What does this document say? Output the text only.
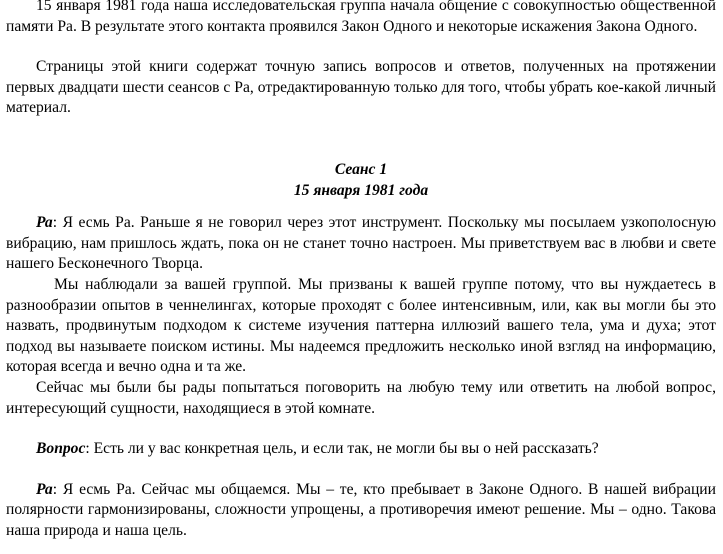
15 января 1981 года наша исследовательская группа начала общение с совокупностью общественной памяти Ра. В результате этого контакта проявился Закон Одного и некоторые искажения Закона Одного.

Страницы этой книги содержат точную запись вопросов и ответов, полученных на протяжении первых двадцати шести сеансов с Ра, отредактированную только для того, чтобы убрать кое-какой личный материал.

Сеанс 1
15 января 1981 года

Ра: Я есмь Ра. Раньше я не говорил через этот инструмент. Поскольку мы посылаем узкополосную вибрацию, нам пришлось ждать, пока он не станет точно настроен. Мы приветствуем вас в любви и свете нашего Бесконечного Творца.

Мы наблюдали за вашей группой. Мы призваны к вашей группе потому, что вы нуждаетесь в разнообразии опытов в ченнелингах, которые проходят с более интенсивным, или, как вы могли бы это назвать, продвинутым подходом к системе изучения паттерна иллюзий вашего тела, ума и духа; этот подход вы называете поиском истины. Мы надеемся предложить несколько иной взгляд на информацию, которая всегда и вечно одна и та же.

Сейчас мы были бы рады попытаться поговорить на любую тему или ответить на любой вопрос, интересующий сущности, находящиеся в этой комнате.

Вопрос: Есть ли у вас конкретная цель, и если так, не могли бы вы о ней рассказать?

Ра: Я есмь Ра. Сейчас мы общаемся. Мы – те, кто пребывает в Законе Одного. В нашей вибрации полярности гармонизированы, сложности упрощены, а противоречия имеют решение. Мы – одно. Такова наша природа и наша цель.
